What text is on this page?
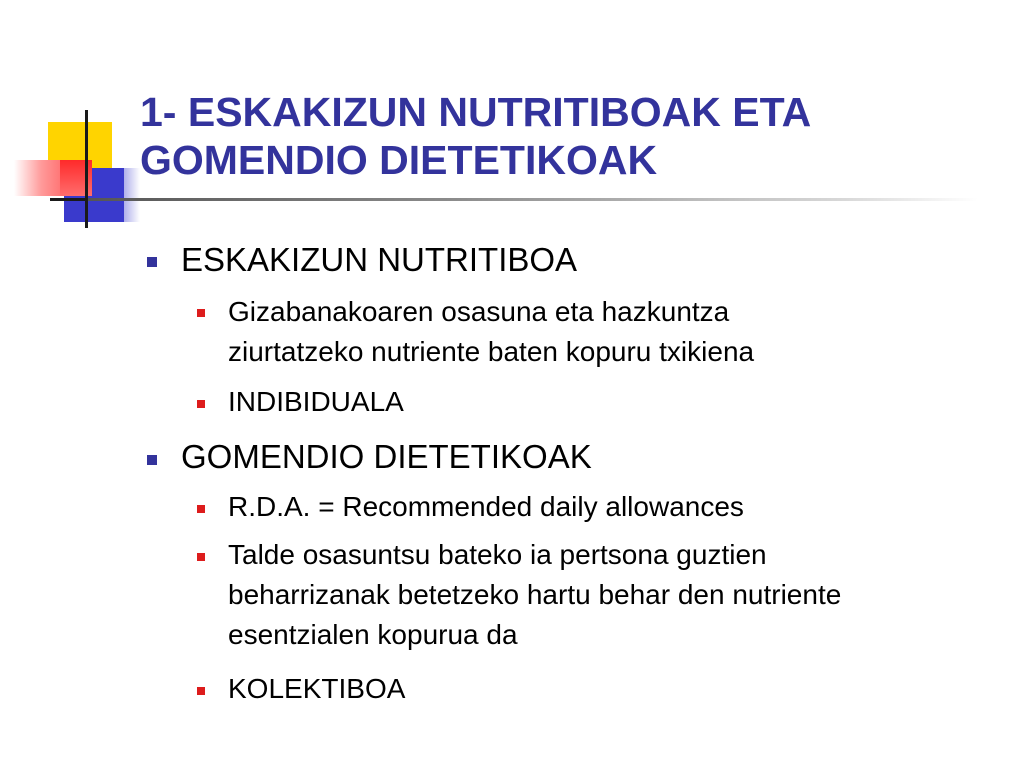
1- ESKAKIZUN NUTRITIBOAK ETA
GOMENDIO DIETETIKOAK
ESKAKIZUN NUTRITIBOA
Gizabanakoaren osasuna eta hazkuntza
ziurtatzeko nutriente baten kopuru txikiena
INDIBIDUALA
GOMENDIO DIETETIKOAK
R.D.A. = Recommended daily allowances
Talde osasuntsu bateko ia pertsona guztien
beharrizanak betetzeko hartu behar den nutriente
esentzialen kopurua da
KOLEKTIBOA
